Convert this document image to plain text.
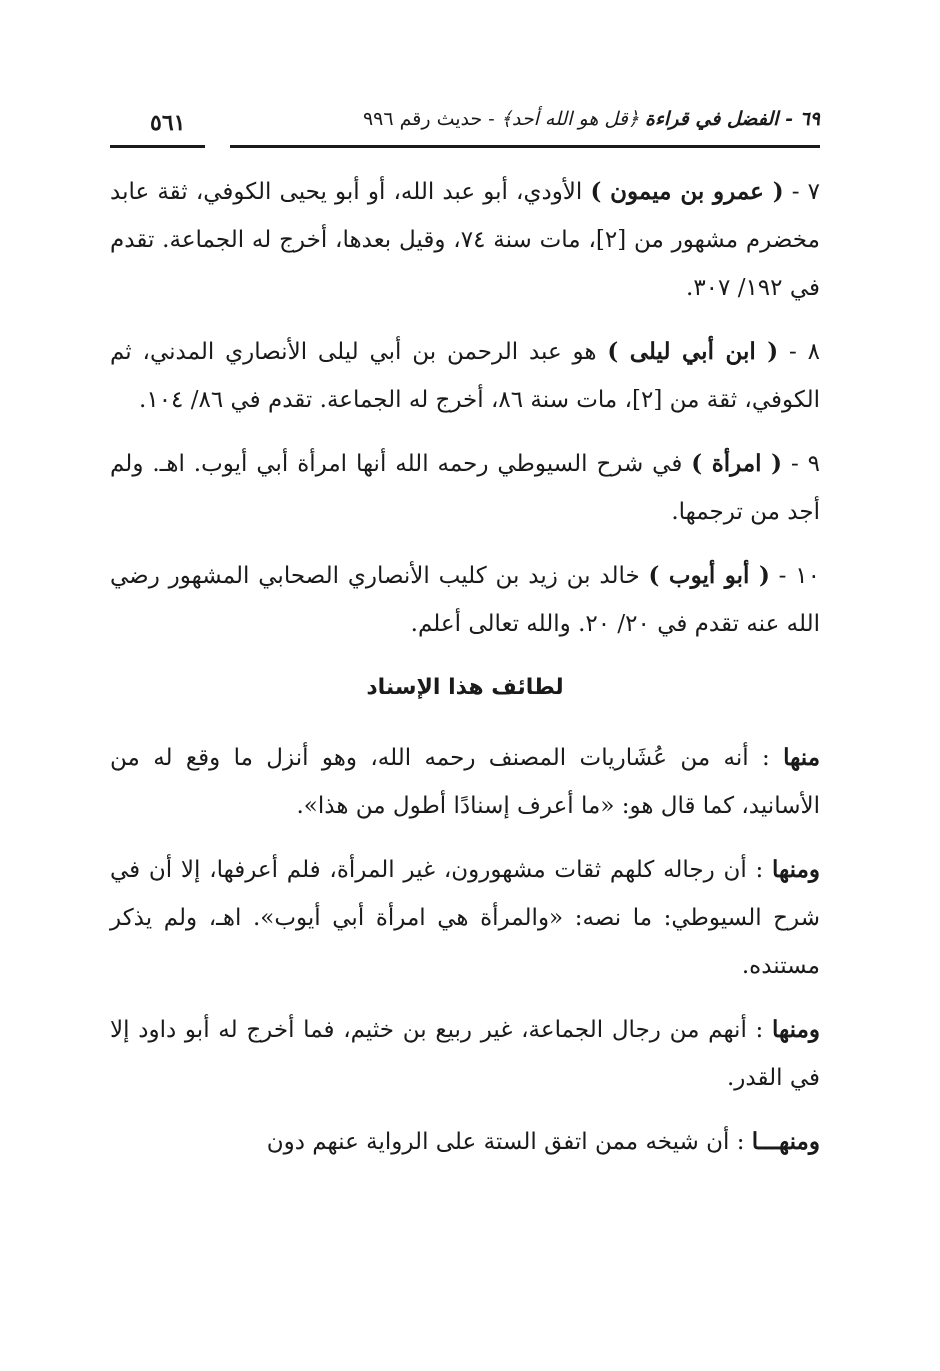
٦٩ - الفضل في قراءة ﴿قل هو الله أحد﴾ - حديث رقم ٩٩٦
٥٦١

٧ - ( عمرو بن ميمون ) الأودي، أبو عبد الله، أو أبو يحيى الكوفي، ثقة عابد مخضرم مشهور من [٢]، مات سنة ٧٤، وقيل بعدها، أخرج له الجماعة. تقدم في ١٩٢/ ٣٠٧.

٨ - ( ابن أبي ليلى ) هو عبد الرحمن بن أبي ليلى الأنصاري المدني، ثم الكوفي، ثقة من [٢]، مات سنة ٨٦، أخرج له الجماعة. تقدم في ٨٦/ ١٠٤.

٩ - ( امرأة ) في شرح السيوطي رحمه الله أنها امرأة أبي أيوب. اهـ. ولم أجد من ترجمها.

١٠ - ( أبو أيوب ) خالد بن زيد بن كليب الأنصاري الصحابي المشهور رضي الله عنه تقدم في ٢٠/ ٢٠. والله تعالى أعلم.

لطائف هذا الإسناد

منها : أنه من عُشَاريات المصنف رحمه الله، وهو أنزل ما وقع له من الأسانيد، كما قال هو: «ما أعرف إسنادًا أطول من هذا».

ومنها : أن رجاله كلهم ثقات مشهورون، غير المرأة، فلم أعرفها، إلا أن في شرح السيوطي: ما نصه: «والمرأة هي امرأة أبي أيوب». اهـ، ولم يذكر مستنده.

ومنها : أنهم من رجال الجماعة، غير ربيع بن خثيم، فما أخرج له أبو داود إلا في القدر.

ومنهـــا : أن شيخه ممن اتفق الستة على الرواية عنهم دون
